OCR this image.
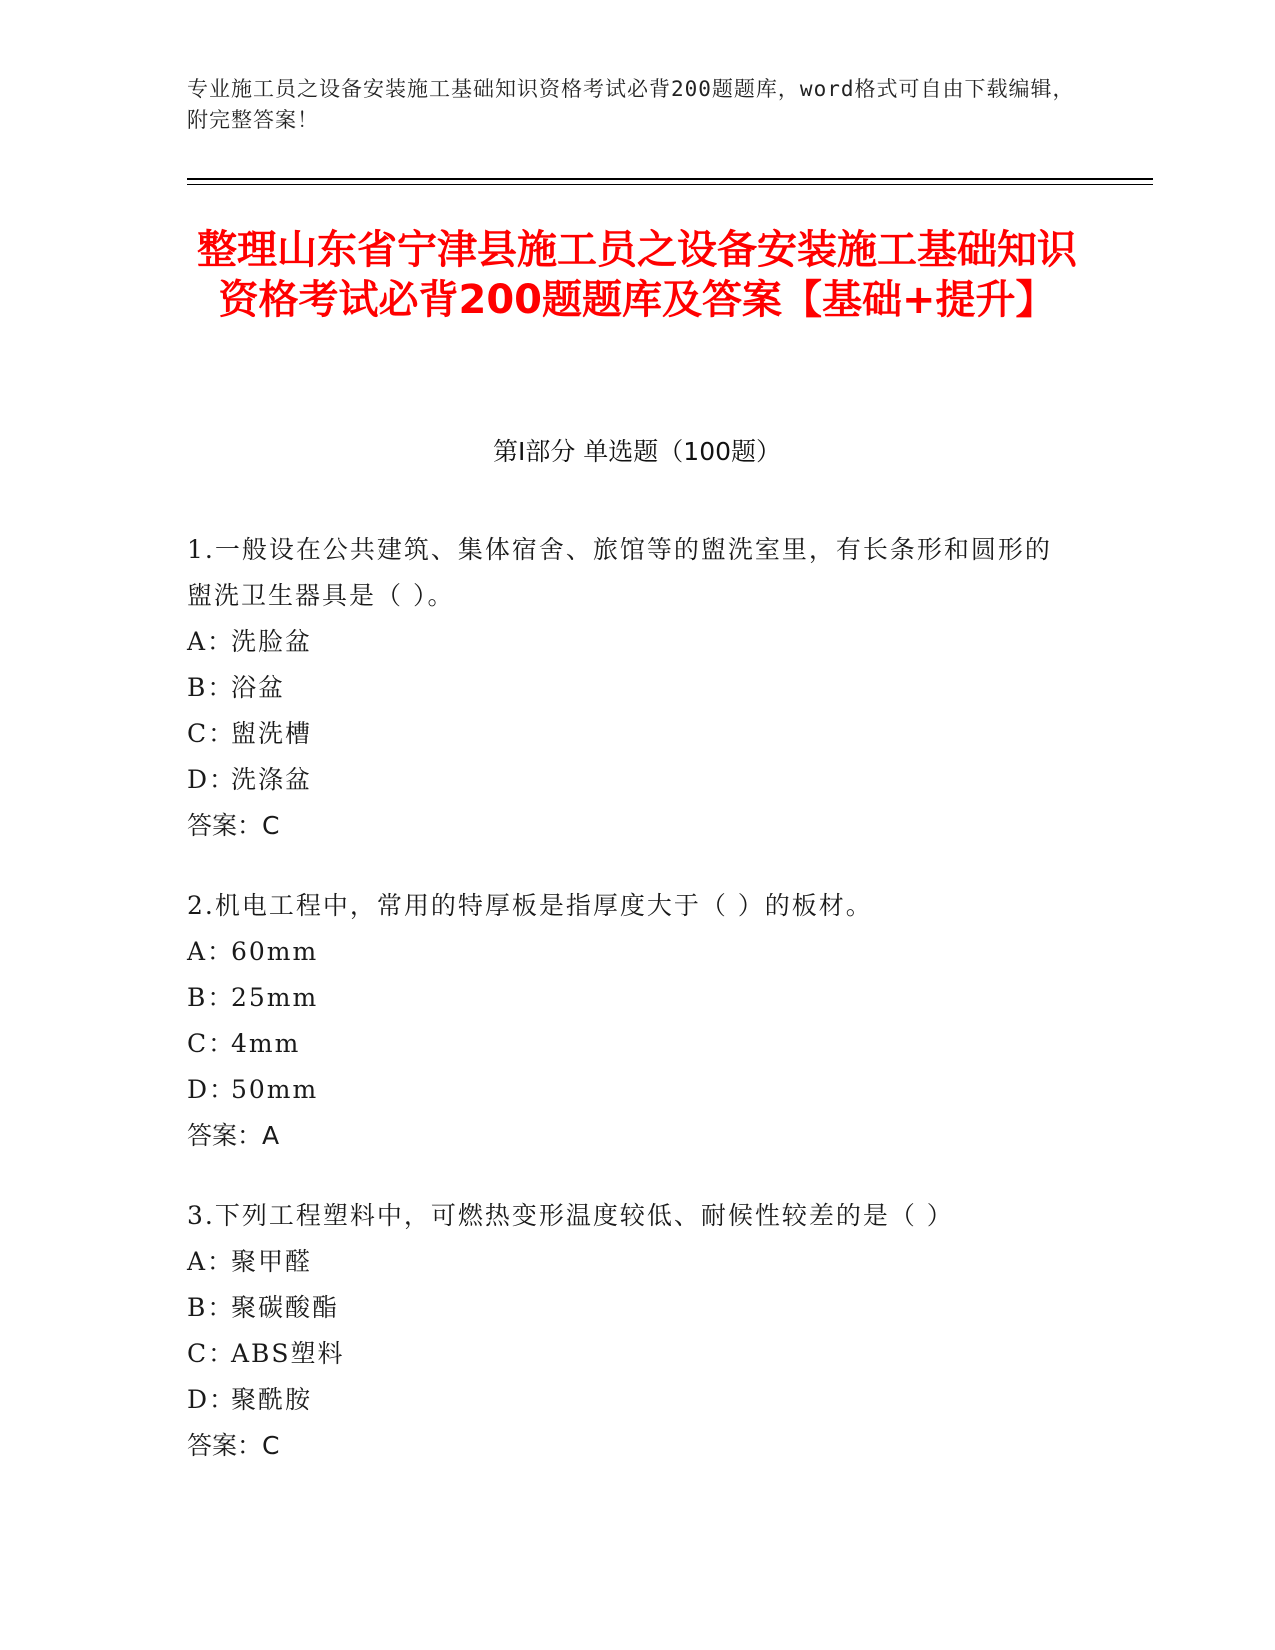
专业施工员之设备安装施工基础知识资格考试必背200题题库，word格式可自由下载编辑，附完整答案！
整理山东省宁津县施工员之设备安装施工基础知识资格考试必背200题题库及答案【基础+提升】
第I部分 单选题（100题）

1.一般设在公共建筑、集体宿舍、旅馆等的盥洗室里，有长条形和圆形的盥洗卫生器具是（ ）。

A：洗脸盆

B：浴盆

C：盥洗槽

D：洗涤盆

答案：C

2.机电工程中，常用的特厚板是指厚度大于（ ）的板材。

A：60mm

B：25mm

C：4mm

D：50mm

答案：A

3.下列工程塑料中，可燃热变形温度较低、耐候性较差的是（ ）

A：聚甲醛

B：聚碳酸酯

C：ABS塑料

D：聚酰胺

答案：C
